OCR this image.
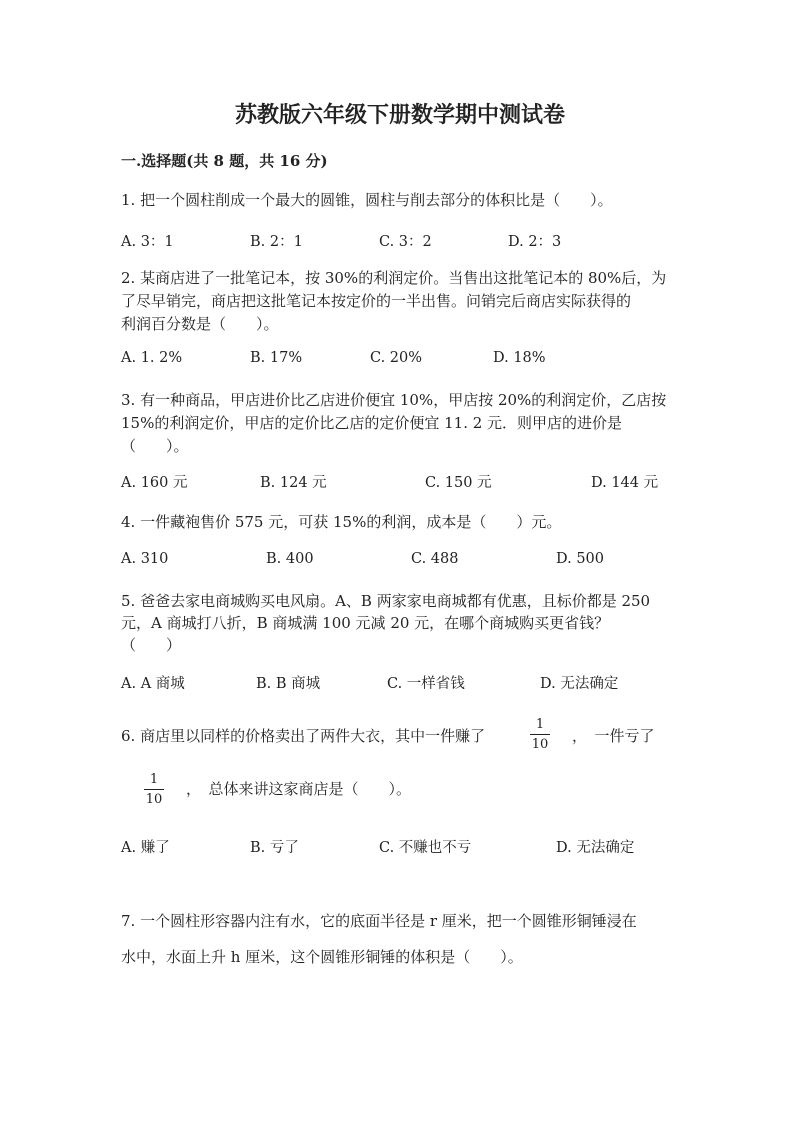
苏教版六年级下册数学期中测试卷
一.选择题(共 8 题，共 16 分)
1. 把一个圆柱削成一个最大的圆锥，圆柱与削去部分的体积比是（　　）。
A. 3：1	B. 2：1	C. 3：2	D. 2：3
2. 某商店进了一批笔记本，按 30%的利润定价。当售出这批笔记本的 80%后，为
了尽早销完，商店把这批笔记本按定价的一半出售。问销完后商店实际获得的
利润百分数是（　　）。
A. 1. 2%	B. 17%	C. 20%	D. 18%
3. 有一种商品，甲店进价比乙店进价便宜 10%，甲店按 20%的利润定价，乙店按
15%的利润定价，甲店的定价比乙店的定价便宜 11. 2 元．则甲店的进价是
（　　）。
A. 160 元	B. 124 元	C. 150 元	D. 144 元
4. 一件藏袍售价 575 元，可获 15%的利润，成本是（　　）元。
A. 310	B. 400	C. 488	D. 500
5. 爸爸去家电商城购买电风扇。A、B 两家家电商城都有优惠，且标价都是 250
元，A 商城打八折，B 商城满 100 元减 20 元，在哪个商城购买更省钱？
（　　）
A. A 商城	B. B 商城	C. 一样省钱	D. 无法确定
6. 商店里以同样的价格卖出了两件大衣，其中一件赚了
1
10 ，　一件亏了
1
10
，　总体来讲这家商店是（　　）。
A. 赚了	B. 亏了	C. 不赚也不亏	D. 无法确定
7. 一个圆柱形容器内注有水，它的底面半径是 r 厘米，把一个圆锥形铜锤浸在
水中，水面上升 h 厘米，这个圆锥形铜锤的体积是（　　）。
